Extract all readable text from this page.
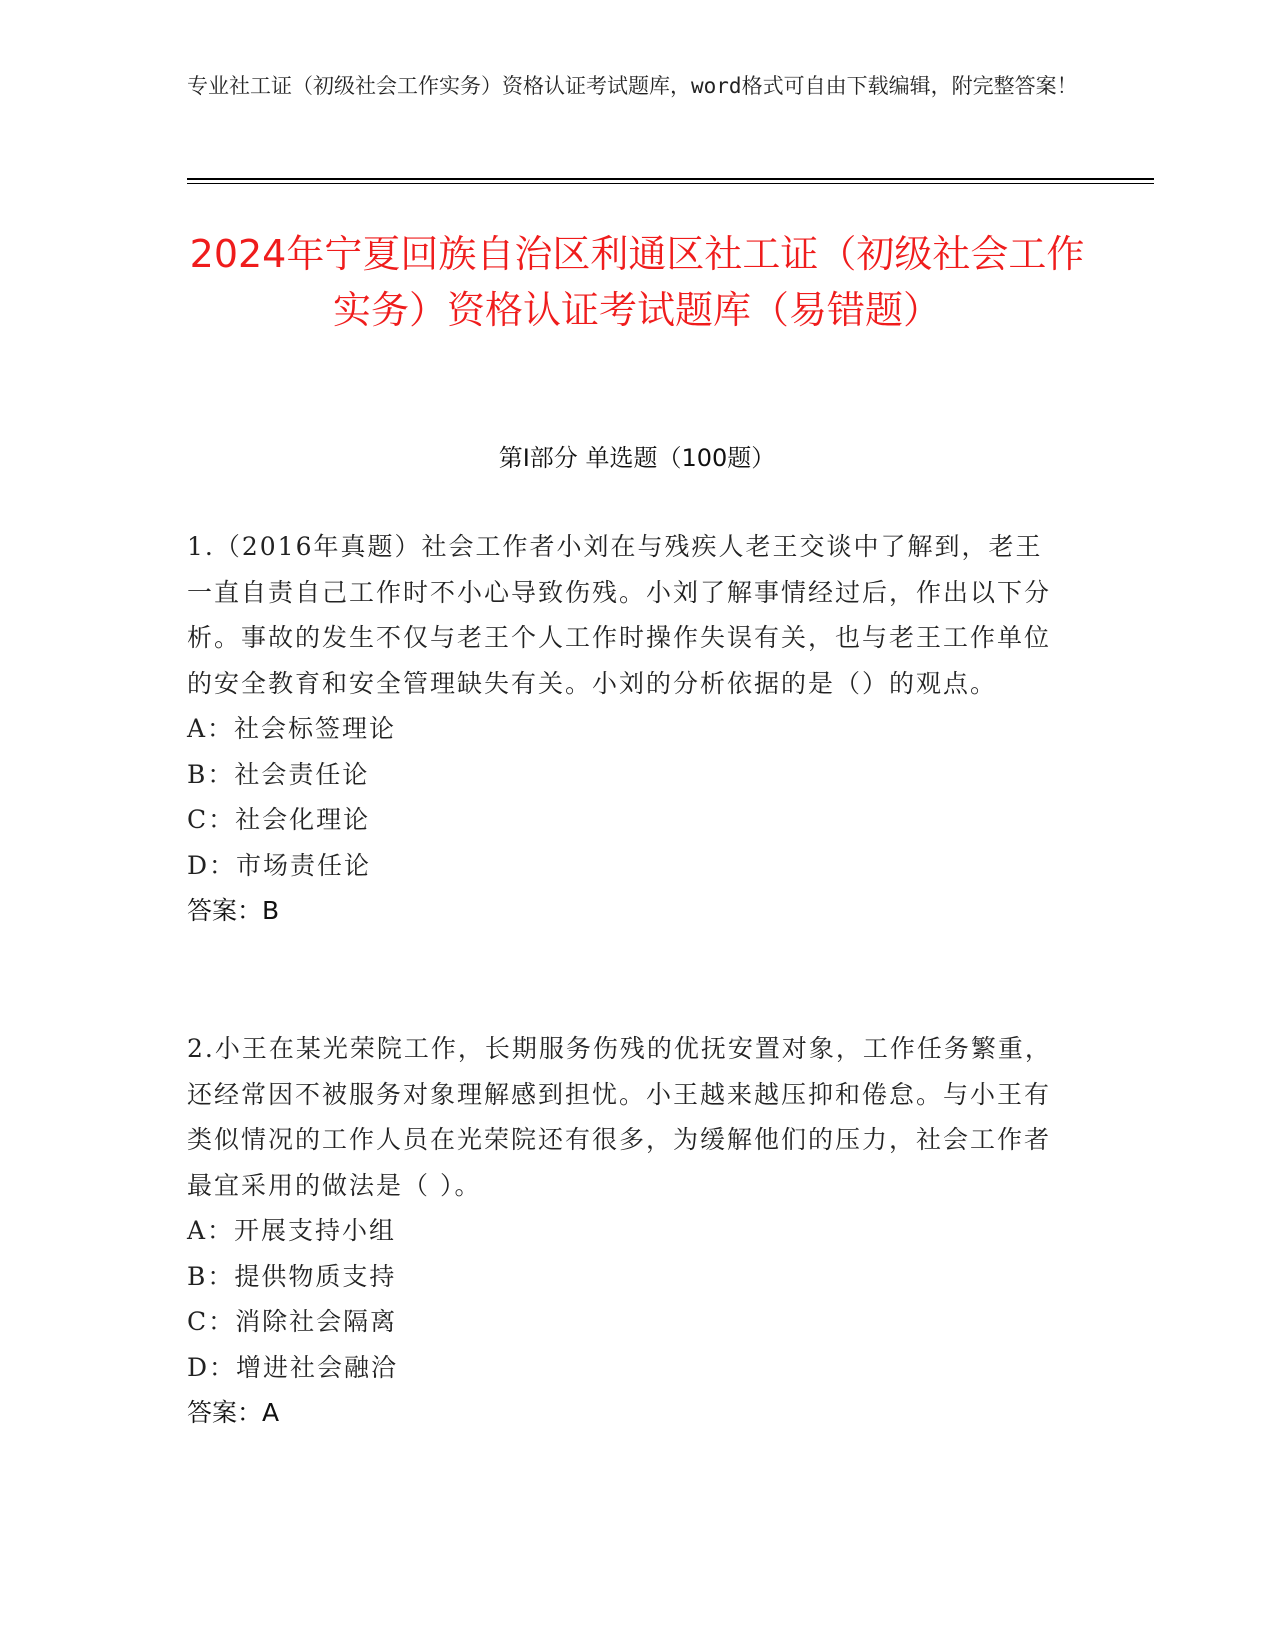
专业社工证（初级社会工作实务）资格认证考试题库，word格式可自由下载编辑，附完整答案！
2024年宁夏回族自治区利通区社工证（初级社会工作实务）资格认证考试题库（易错题）
第I部分 单选题（100题）
1.（2016年真题）社会工作者小刘在与残疾人老王交谈中了解到，老王一直自责自己工作时不小心导致伤残。小刘了解事情经过后，作出以下分析。事故的发生不仅与老王个人工作时操作失误有关，也与老王工作单位的安全教育和安全管理缺失有关。小刘的分析依据的是（）的观点。
A：社会标签理论
B：社会责任论
C：社会化理论
D：市场责任论
答案：B
2.小王在某光荣院工作，长期服务伤残的优抚安置对象，工作任务繁重，还经常因不被服务对象理解感到担忧。小王越来越压抑和倦怠。与小王有类似情况的工作人员在光荣院还有很多，为缓解他们的压力，社会工作者最宜采用的做法是（ ）。
A：开展支持小组
B：提供物质支持
C：消除社会隔离
D：增进社会融洽
答案：A
